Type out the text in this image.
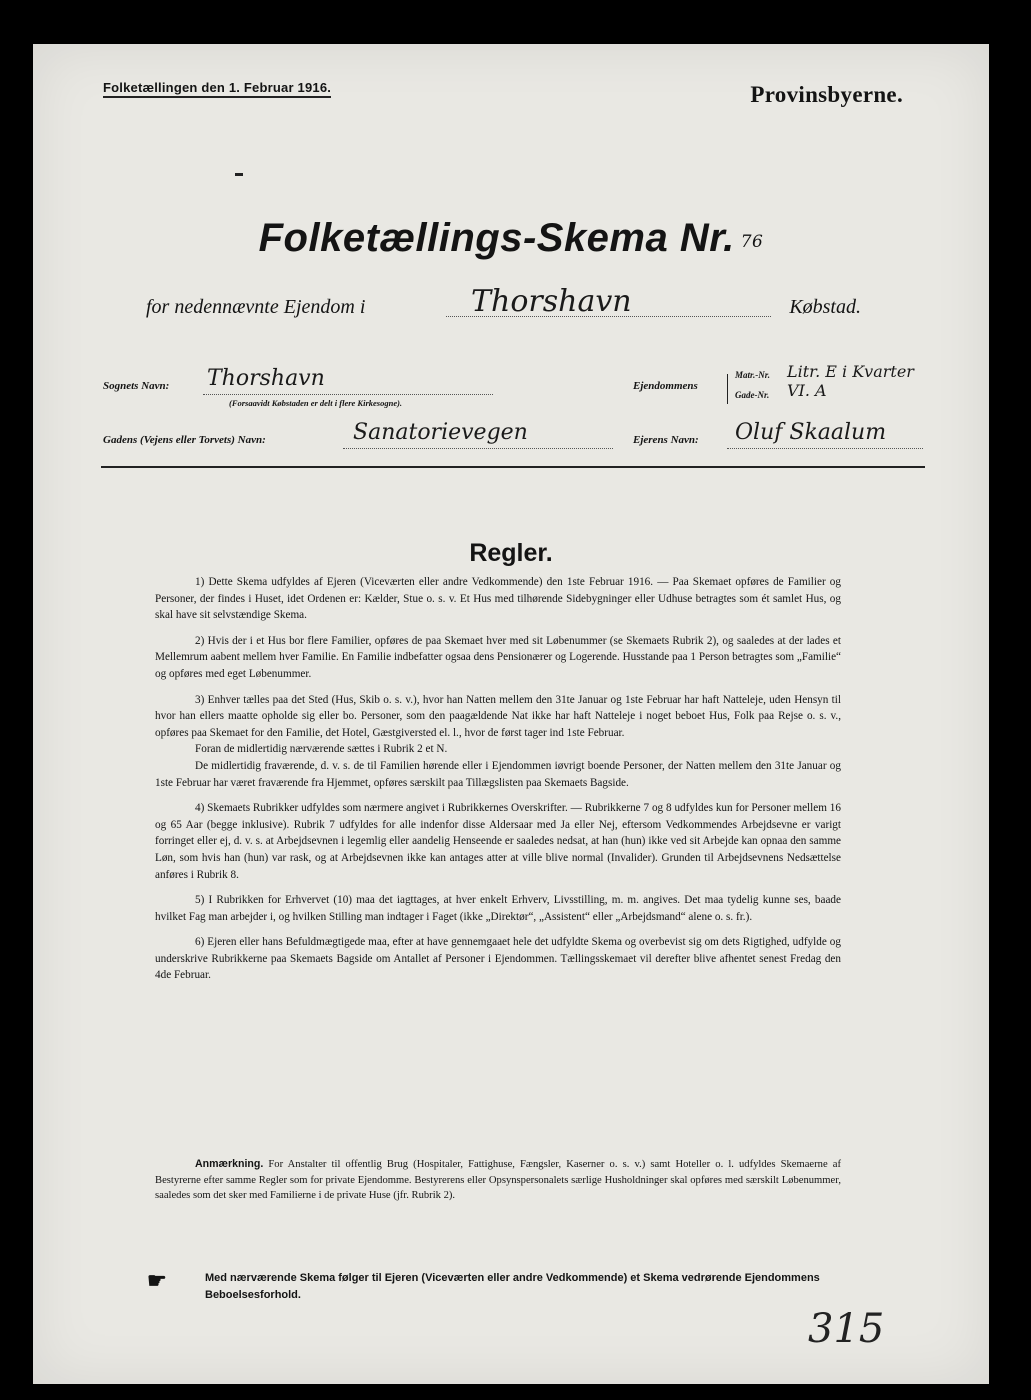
Folketællingen den 1. Februar 1916.	Provinsbyerne.
Folketællings-Skema Nr. 76
for nedennævnte Ejendom i	Thorshavn	Købstad.
Sognets Navn: Thorshavn
(Forsaavidt Købstaden er delt i flere Kirkesogne).
Ejendommens
Matr.-Nr. Litr. E i Kvarter VI. A
Gade-Nr.
Gadens (Vejens eller Torvets) Navn:	Sanatorievegen	Ejerens Navn: Oluf Skaalum
Regler.

1) Dette Skema udfyldes af Ejeren (Viceværten eller andre Vedkommende) den 1ste Februar 1916. — Paa Skemaet opføres de Familier og Personer, der findes i Huset, idet Ordenen er: Kælder, Stue o. s. v. Et Hus med tilhørende Sidebygninger eller Udhuse betragtes som ét samlet Hus, og skal have sit selvstændige Skema.

2) Hvis der i et Hus bor flere Familier, opføres de paa Skemaet hver med sit Løbenummer (se Skemaets Rubrik 2), og saaledes at der lades et Mellemrum aabent mellem hver Familie. En Familie indbefatter ogsaa dens Pensionærer og Logerende. Husstande paa 1 Person betragtes som „Familie“ og opføres med eget Løbenummer.

3) Enhver tælles paa det Sted (Hus, Skib o. s. v.), hvor han Natten mellem den 31te Januar og 1ste Februar har haft Natteleje, uden Hensyn til hvor han ellers maatte opholde sig eller bo. Personer, som den paagældende Nat ikke har haft Natteleje i noget beboet Hus, Folk paa Rejse o. s. v., opføres paa Skemaet for den Familie, det Hotel, Gæstgiversted el. l., hvor de først tager ind 1ste Februar.

Foran de midlertidig nærværende sættes i Rubrik 2 et N.

De midlertidig fraværende, d. v. s. de til Familien hørende eller i Ejendommen iøvrigt boende Personer, der Natten mellem den 31te Januar og 1ste Februar har været fraværende fra Hjemmet, opføres særskilt paa Tillægslisten paa Skemaets Bagside.

4) Skemaets Rubrikker udfyldes som nærmere angivet i Rubrikkernes Overskrifter. — Rubrikkerne 7 og 8 udfyldes kun for Personer mellem 16 og 65 Aar (begge inklusive). Rubrik 7 udfyldes for alle indenfor disse Aldersaar med Ja eller Nej, eftersom Vedkommendes Arbejdsevne er varigt forringet eller ej, d. v. s. at Arbejdsevnen i legemlig eller aandelig Henseende er saaledes nedsat, at han (hun) ikke ved sit Arbejde kan opnaa den samme Løn, som hvis han (hun) var rask, og at Arbejdsevnen ikke kan antages atter at ville blive normal (Invalider). Grunden til Arbejdsevnens Nedsættelse anføres i Rubrik 8.

5) I Rubrikken for Erhvervet (10) maa det iagttages, at hver enkelt Erhverv, Livsstilling, m. m. angives. Det maa tydelig kunne ses, baade hvilket Fag man arbejder i, og hvilken Stilling man indtager i Faget (ikke „Direktør“, „Assistent“ eller „Arbejdsmand“ alene o. s. fr.).

6) Ejeren eller hans Befuldmægtigede maa, efter at have gennemgaaet hele det udfyldte Skema og overbevist sig om dets Rigtighed, udfylde og underskrive Rubrikkerne paa Skemaets Bagside om Antallet af Personer i Ejendommen. Tællingsskemaet vil derefter blive afhentet senest Fredag den 4de Februar.

Anmærkning. For Anstalter til offentlig Brug (Hospitaler, Fattighuse, Fængsler, Kaserner o. s. v.) samt Hoteller o. l. udfyldes Skemaerne af Bestyrerne efter samme Regler som for private Ejendomme. Bestyrerens eller Opsynspersonalets særlige Husholdninger skal opføres med særskilt Løbenummer, saaledes som det sker med Familierne i de private Huse (jfr. Rubrik 2).
☛	Med nærværende Skema følger til Ejeren (Viceværten eller andre Vedkommende) et Skema vedrørende Ejendommens Beboelsesforhold.
315
